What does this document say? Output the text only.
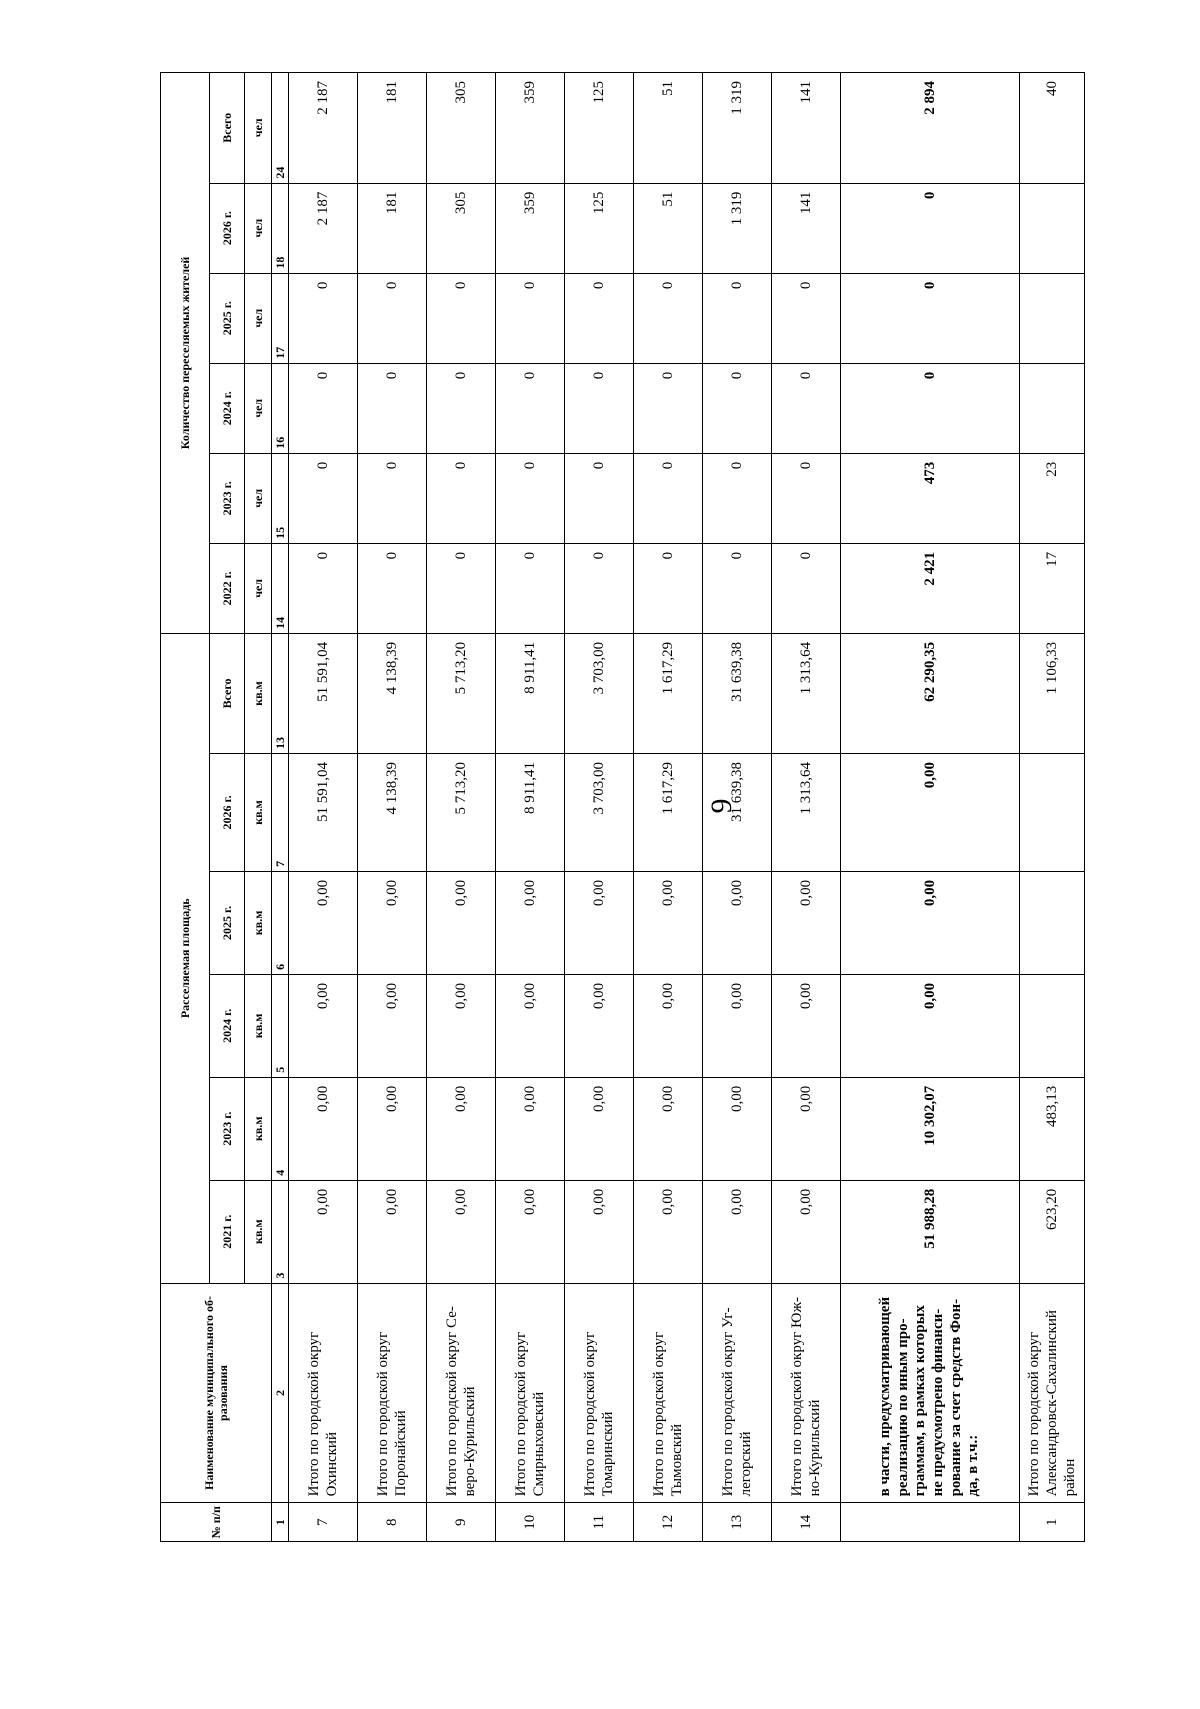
9
№ п/п	Наименование муниципального об-разования	Расселяемая площадь						Количество переселяемых жителей					
		2021 г.	2023 г.	2024 г.	2025 г.	2026 г.	Всего	2022 г.	2023 г.	2024 г.	2025 г.	2026 г.	Всего
		кв.м	кв.м	кв.м	кв.м	кв.м	кв.м	чел	чел	чел	чел	чел	чел
1	2	3	4	5	6	7	13	14	15	16	17	18	24
7	Итого по городской округ Охинский	0,00	0,00	0,00	0,00	51 591,04	51 591,04	0	0	0	0	2 187	2 187
8	Итого по городской округ Поронайский	0,00	0,00	0,00	0,00	4 138,39	4 138,39	0	0	0	0	181	181
9	Итого по городской округ Се-веро-Курильский	0,00	0,00	0,00	0,00	5 713,20	5 713,20	0	0	0	0	305	305
10	Итого по городской округ Смирныховский	0,00	0,00	0,00	0,00	8 911,41	8 911,41	0	0	0	0	359	359
11	Итого по городской округ Томаринский	0,00	0,00	0,00	0,00	3 703,00	3 703,00	0	0	0	0	125	125
12	Итого по городской округ Тымовский	0,00	0,00	0,00	0,00	1 617,29	1 617,29	0	0	0	0	51	51
13	Итого по городской округ Уг-легорский	0,00	0,00	0,00	0,00	31 639,38	31 639,38	0	0	0	0	1 319	1 319
14	Итого по городской округ Юж-но-Курильский	0,00	0,00	0,00	0,00	1 313,64	1 313,64	0	0	0	0	141	141
	в части, предусматривающей реализацию по иным про-граммам, в рамках которых не предусмотрено финанси-рование за счет средств Фон-да, в т.ч.:	51 988,28	10 302,07	0,00	0,00	0,00	62 290,35	2 421	473	0	0	0	2 894
1	Итого по городской округ Александровск-Сахалинский район	623,20	483,13				1 106,33	17	23				40
